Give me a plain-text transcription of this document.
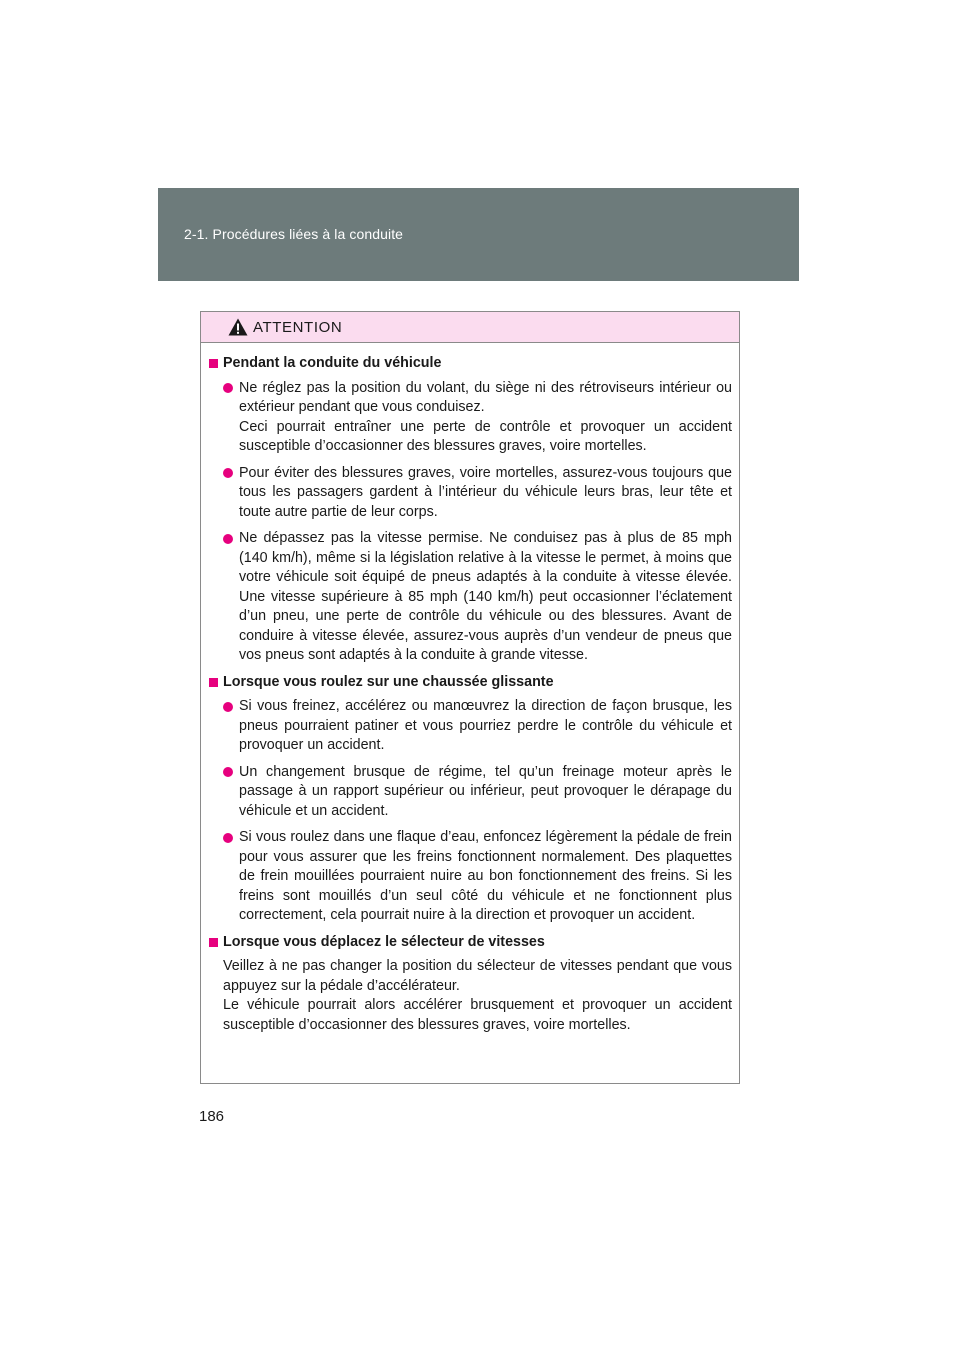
2-1. Procédures liées à la conduite
ATTENTION
Pendant la conduite du véhicule
Ne réglez pas la position du volant, du siège ni des rétroviseurs intérieur ou extérieur pendant que vous conduisez.
Ceci pourrait entraîner une perte de contrôle et provoquer un accident susceptible d’occasionner des blessures graves, voire mortelles.
Pour éviter des blessures graves, voire mortelles, assurez-vous toujours que tous les passagers gardent à l’intérieur du véhicule leurs bras, leur tête et toute autre partie de leur corps.
Ne dépassez pas la vitesse permise. Ne conduisez pas à plus de 85 mph (140 km/h), même si la législation relative à la vitesse le permet, à moins que votre véhicule soit équipé de pneus adaptés à la conduite à vitesse élevée. Une vitesse supérieure à 85 mph (140 km/h) peut occasionner l’éclatement d’un pneu, une perte de contrôle du véhicule ou des blessures. Avant de conduire à vitesse élevée, assurez-vous auprès d’un vendeur de pneus que vos pneus sont adaptés à la conduite à grande vitesse.
Lorsque vous roulez sur une chaussée glissante
Si vous freinez, accélérez ou manœuvrez la direction de façon brusque, les pneus pourraient patiner et vous pourriez perdre le contrôle du véhicule et provoquer un accident.
Un changement brusque de régime, tel qu’un freinage moteur après le passage à un rapport supérieur ou inférieur, peut provoquer le dérapage du véhicule et un accident.
Si vous roulez dans une flaque d’eau, enfoncez légèrement la pédale de frein pour vous assurer que les freins fonctionnent normalement. Des plaquettes de frein mouillées pourraient nuire au bon fonctionnement des freins. Si les freins sont mouillés d’un seul côté du véhicule et ne fonctionnent plus correctement, cela pourrait nuire à la direction et provoquer un accident.
Lorsque vous déplacez le sélecteur de vitesses
Veillez à ne pas changer la position du sélecteur de vitesses pendant que vous appuyez sur la pédale d’accélérateur.
Le véhicule pourrait alors accélérer brusquement et provoquer un accident susceptible d’occasionner des blessures graves, voire mortelles.
186
